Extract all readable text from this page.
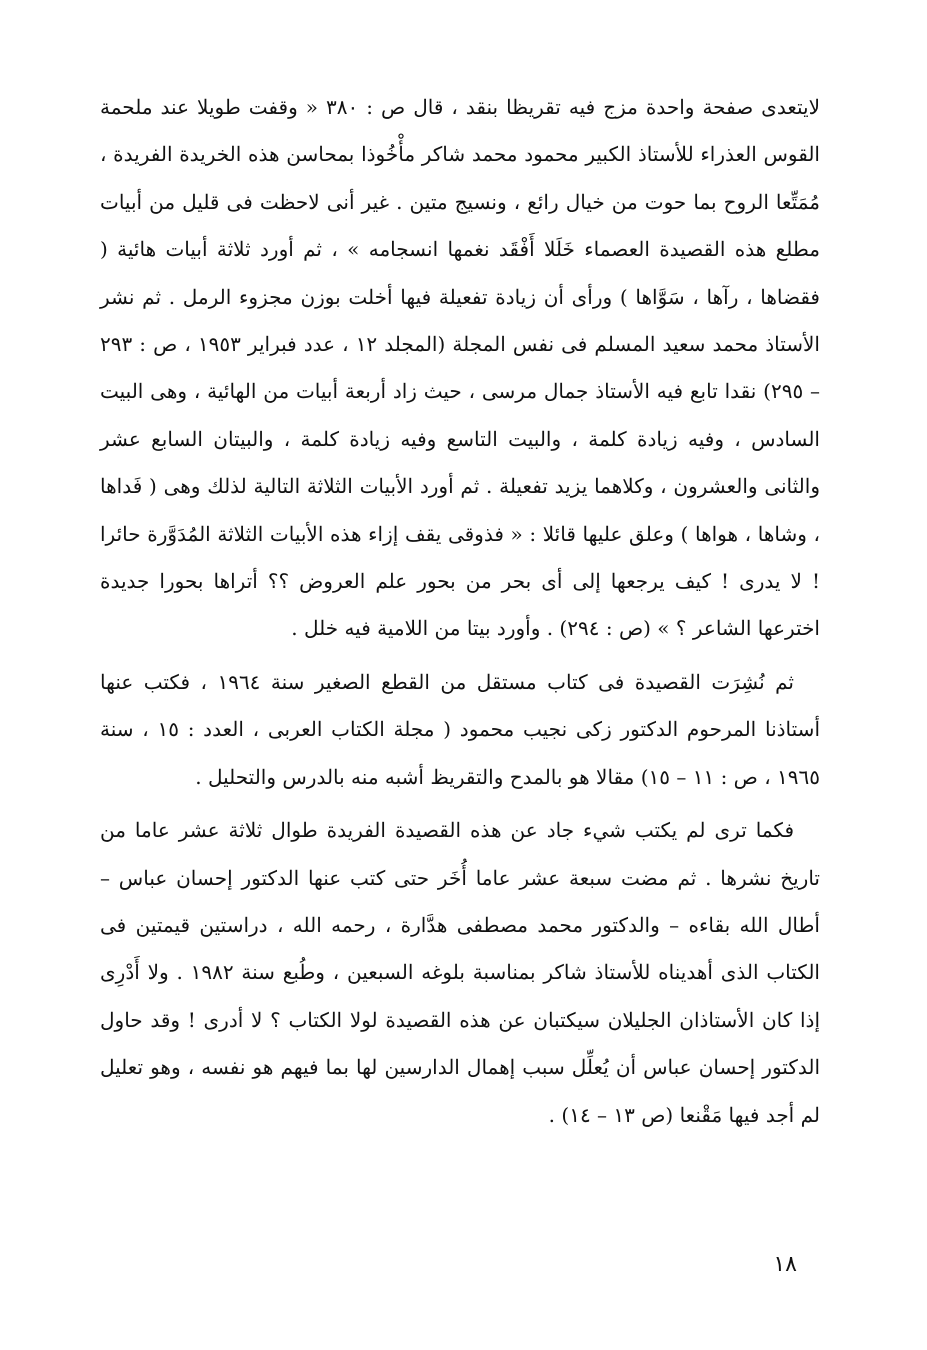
لايتعدى صفحة واحدة مزج فيه تقريظا بنقد ، قال ص : ٣٨٠ « وقفت طويلا عند ملحمة القوس العذراء للأستاذ الكبير محمود محمد شاكر مأْخُوذا بمحاسن هذه الخريدة الفريدة ، مُمَتِّعا الروح بما حوت من خيال رائع ، ونسيج متين . غير أنى لاحظت فى قليل من أبيات مطلع هذه القصيدة العصماء خَلَلا أَفْقَد نغمها انسجامه » ، ثم أورد ثلاثة أبيات هائية ( فقضاها ، رآها ، سَوَّاها ) ورأى أن زيادة تفعيلة فيها أخلت بوزن مجزوء الرمل . ثم نشر الأستاذ محمد سعيد المسلم فى نفس المجلة (المجلد ١٢ ، عدد فبراير ١٩٥٣ ، ص : ٢٩٣ – ٢٩٥) نقدا تابع فيه الأستاذ جمال مرسى ، حيث زاد أربعة أبيات من الهائية ، وهى البيت السادس ، وفيه زيادة كلمة ، والبيت التاسع وفيه زيادة كلمة ، والبيتان السابع عشر والثانى والعشرون ، وكلاهما يزيد تفعيلة . ثم أورد الأبيات الثلاثة التالية لذلك وهى ( فَداها ، وشاها ، هواها ) وعلق عليها قائلا : « فذوقى يقف إزاء هذه الأبيات الثلاثة المُدَوَّرة حائرا ! لا يدرى ! كيف يرجعها إلى أى بحر من بحور علم العروض ؟؟ أتراها بحورا جديدة اخترعها الشاعر ؟ » (ص : ٢٩٤) . وأورد بيتا من اللامية فيه خلل .

ثم نُشِرَت القصيدة فى كتاب مستقل من القطع الصغير سنة ١٩٦٤ ، فكتب عنها أستاذنا المرحوم الدكتور زكى نجيب محمود ( مجلة الكتاب العربى ، العدد : ١٥ ، سنة ١٩٦٥ ، ص : ١١ – ١٥) مقالا هو بالمدح والتقريظ أشبه منه بالدرس والتحليل .

فكما ترى لم يكتب شيء جاد عن هذه القصيدة الفريدة طوال ثلاثة عشر عاما من تاريخ نشرها . ثم مضت سبعة عشر عاما أُخَر حتى كتب عنها الدكتور إحسان عباس – أطال الله بقاءه – والدكتور محمد مصطفى هدَّارة ، رحمه الله ، دراستين قيمتين فى الكتاب الذى أهديناه للأستاذ شاكر بمناسبة بلوغه السبعين ، وطُبع سنة ١٩٨٢ . ولا أَدْرِى إذا كان الأستاذان الجليلان سيكتبان عن هذه القصيدة لولا الكتاب ؟ لا أدرى ! وقد حاول الدكتور إحسان عباس أن يُعلِّل سبب إهمال الدارسين لها بما فيهم هو نفسه ، وهو تعليل لم أجد فيها مَقْنعا (ص ١٣ – ١٤) .

١٨
